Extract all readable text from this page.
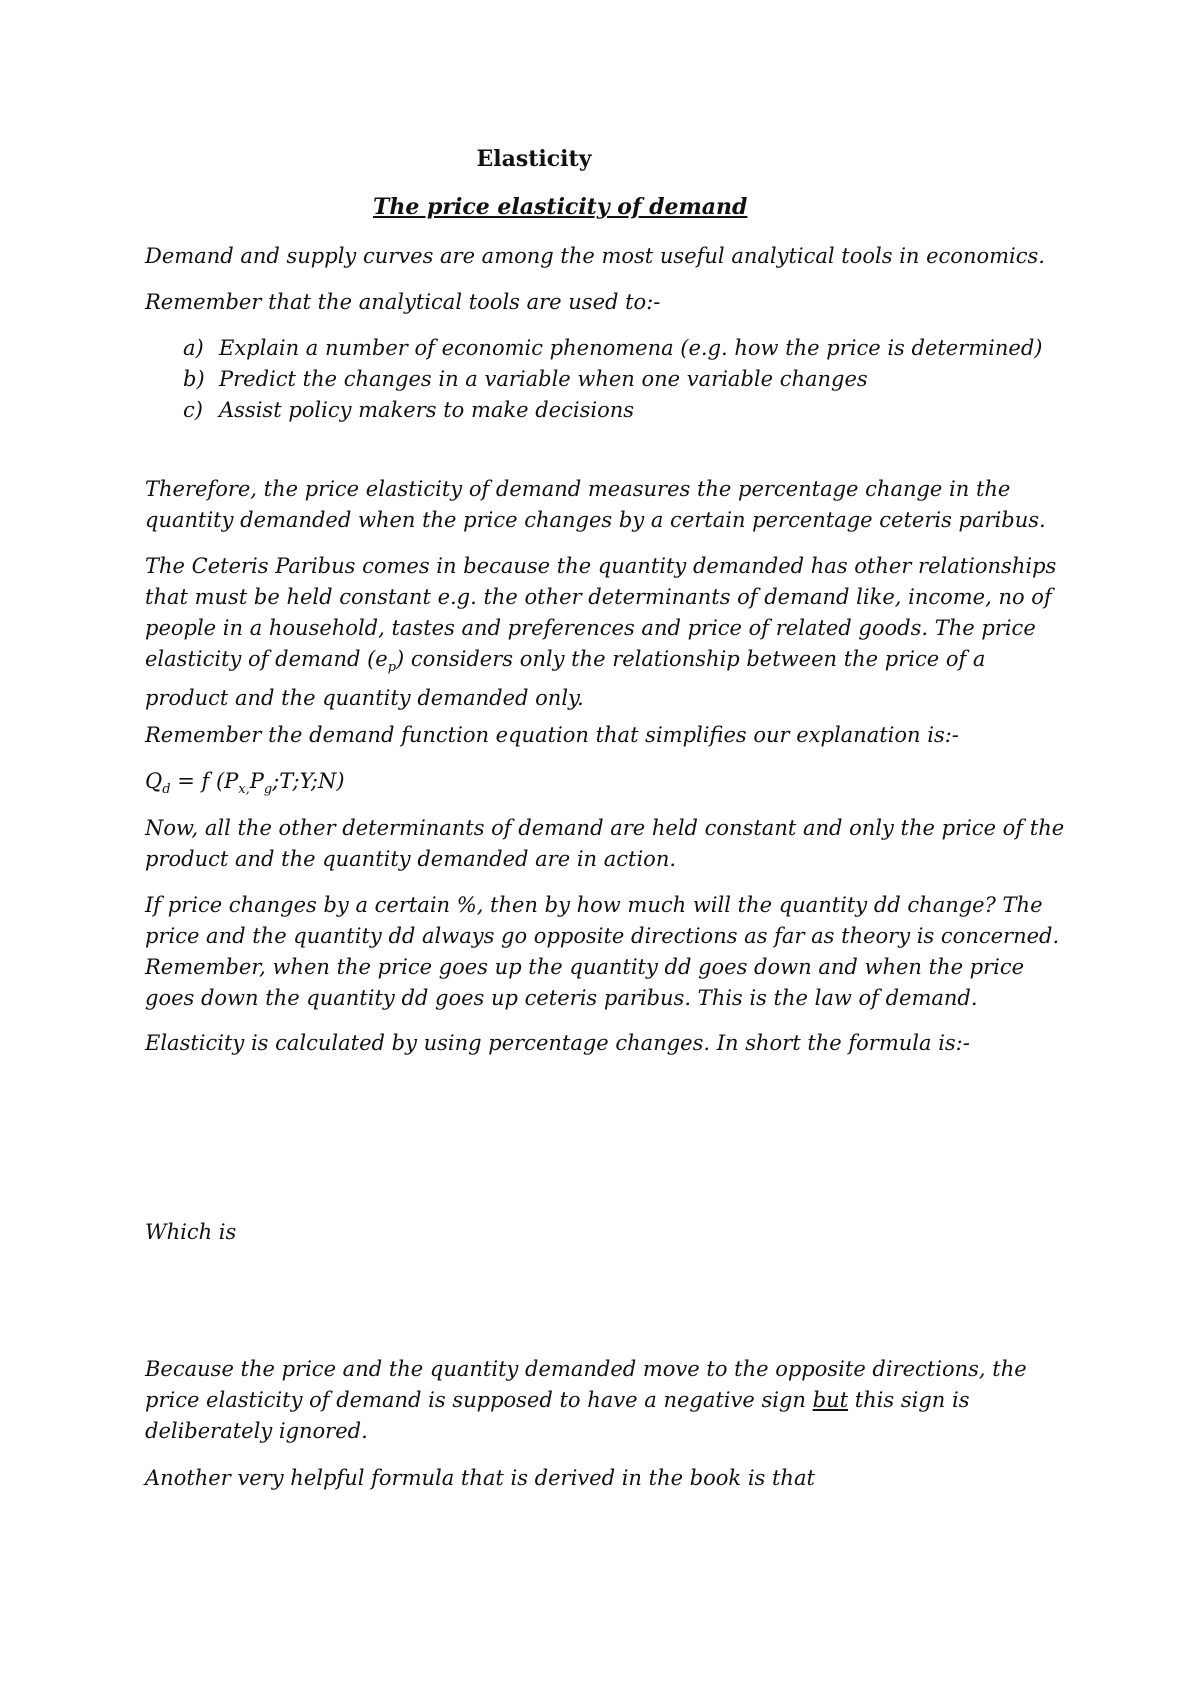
Elasticity
The price elasticity of demand

Demand and supply curves are among the most useful analytical tools in economics.

Remember that the analytical tools are used to:-

a) Explain a number of economic phenomena (e.g. how the price is determined)
b) Predict the changes in a variable when one variable changes
c) Assist policy makers to make decisions

Therefore, the price elasticity of demand measures the percentage change in the quantity demanded when the price changes by a certain percentage ceteris paribus.

The Ceteris Paribus comes in because the quantity demanded has other relationships that must be held constant e.g. the other determinants of demand like, income, no of people in a household, tastes and preferences and price of related goods. The price elasticity of demand $(e_p)$ considers only the relationship between the price of a product and the quantity demanded only.

Remember the demand function equation that simplifies our explanation is:-

$Q_d = f$ $(P_{x,}P_g;T;Y;N)$

Now, all the other determinants of demand are held constant and only the price of the product and the quantity demanded are in action.

If price changes by a certain %, then by how much will the quantity dd change? The price and the quantity dd always go opposite directions as far as theory is concerned. Remember, when the price goes up the quantity dd goes down and when the price goes down the quantity dd goes up ceteris paribus. This is the law of demand.

Elasticity is calculated by using percentage changes. In short the formula is:-

Which is

Because the price and the quantity demanded move to the opposite directions, the price elasticity of demand is supposed to have a negative sign but this sign is deliberately ignored.

Another very helpful formula that is derived in the book is that
